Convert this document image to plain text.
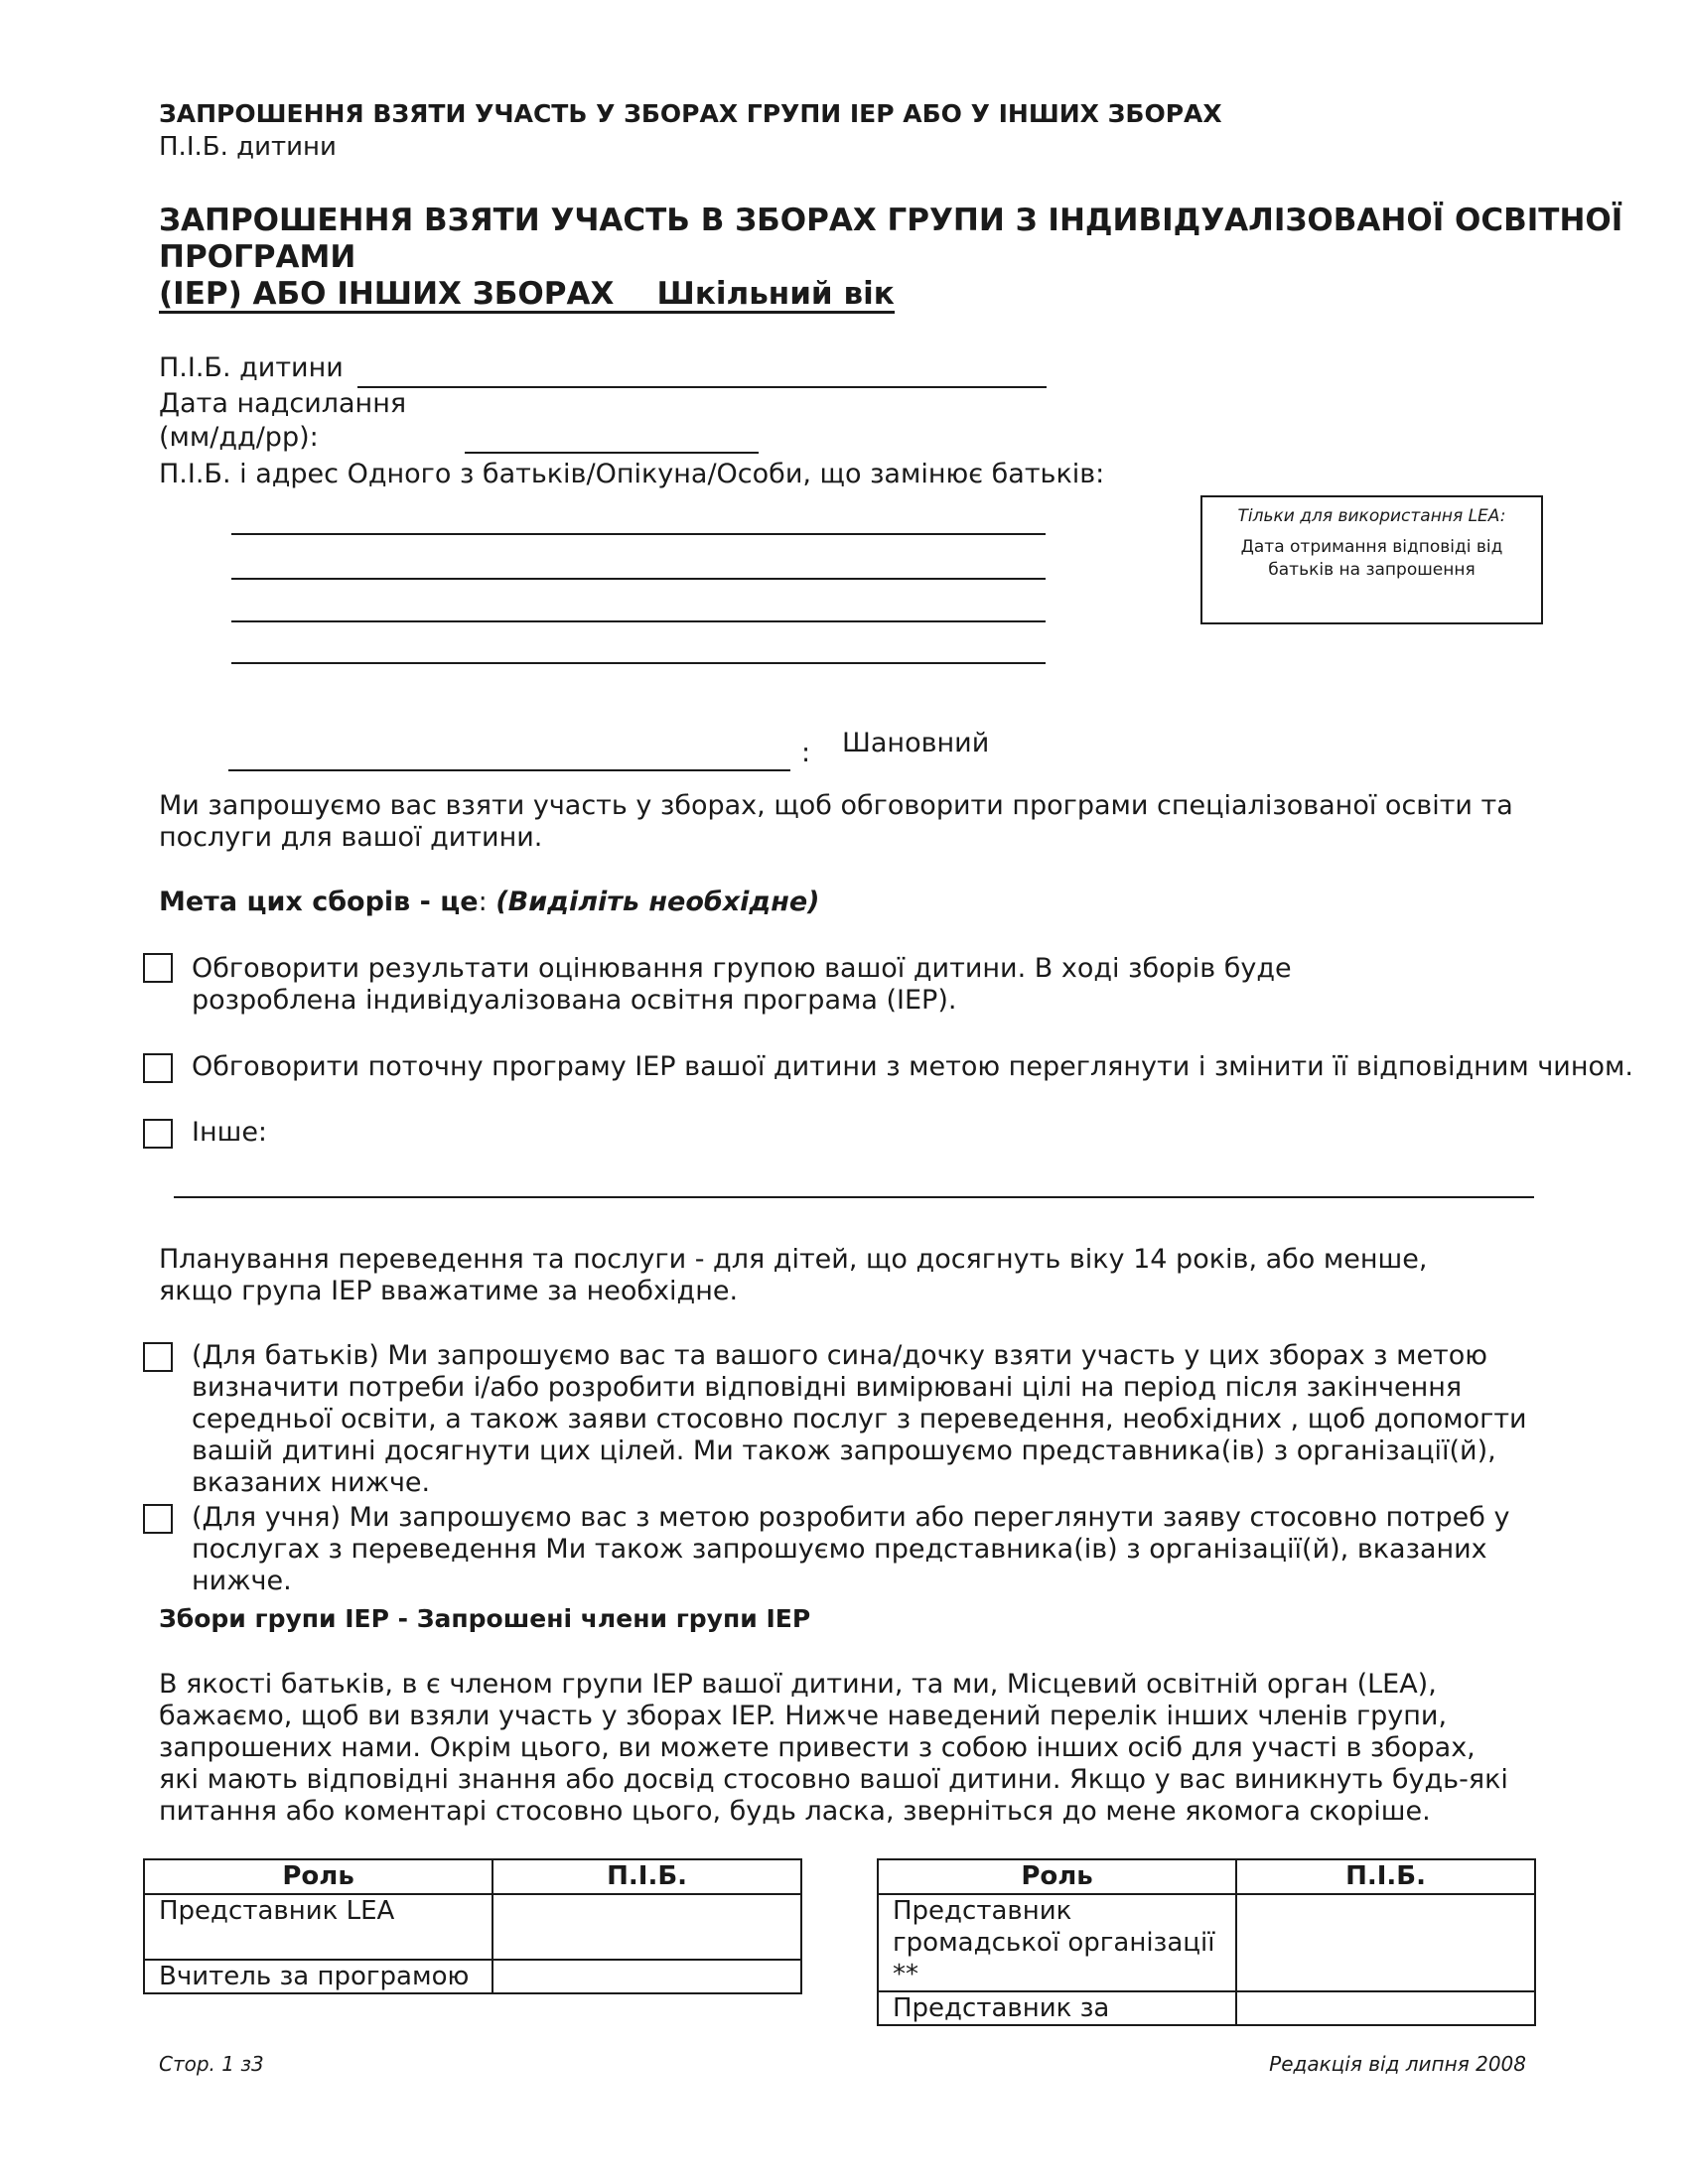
ЗАПРОШЕННЯ ВЗЯТИ УЧАСТЬ У ЗБОРАХ ГРУПИ IEP АБО У ІНШИХ ЗБОРАХ
П.І.Б. дитини
ЗАПРОШЕННЯ ВЗЯТИ УЧАСТЬ В ЗБОРАХ ГРУПИ З ІНДИВІДУАЛІЗОВАНОЇ ОСВІТНОЇ
ПРОГРАМИ
(IEP) АБО ІНШИХ ЗБОРАХ    Шкільний вік
П.І.Б. дитини
Дата надсилання
(мм/дд/рр):
П.І.Б. і адрес Одного з батьків/Опікуна/Особи, що замінює батьків:
Тільки для використання LEA:
Дата отримання відповіді від батьків на запрошення
: Шановний
Ми запрошуємо вас взяти участь у зборах, щоб обговорити програми спеціалізованої освіти та послуги для вашої дитини.
Мета цих сборів - це: (Виділіть необхідне)
Обговорити результати оцінювання групою вашої дитини. В ході зборів буде розроблена індивідуалізована освітня програма (IEP).
Обговорити поточну програму IEP вашої дитини з метою переглянути і змінити її відповідним чином.
Інше:
Планування переведення та послуги - для дітей, що досягнуть віку 14 років, або менше, якщо група IEP вважатиме за необхідне.
(Для батьків) Ми запрошуємо вас та вашого сина/дочку взяти участь у цих зборах з метою визначити потреби і/або розробити відповідні вимірювані цілі на період після закінчення середньої освіти, а також заяви стосовно послуг з переведення, необхідних , щоб допомогти вашій дитині досягнути цих цілей. Ми також запрошуємо представника(ів) з організації(й), вказаних нижче.
(Для учня) Ми запрошуємо вас з метою розробити або переглянути заяву стосовно потреб у послугах з переведення Ми також запрошуємо представника(ів) з організації(й), вказаних нижче.
Збори групи IEP - Запрошені члени групи IEP
В якості батьків, в є членом групи IEP вашої дитини, та ми, Місцевий освітній орган (LEA), бажаємо, щоб ви взяли участь у зборах IEP. Нижче наведений перелік інших членів групи, запрошених нами. Окрім цього, ви можете привести з собою інших осіб для участі в зборах, які мають відповідні знання або досвід стосовно вашої дитини. Якщо у вас виникнуть будь-які питання або коментарі стосовно цього, будь ласка, зверніться до мене якомога скоріше.
Роль	П.І.Б.
Представник LEA	
Вчитель за програмою	
Роль	П.І.Б.
Представник громадської організації **	
Представник за	
Стор. 1 з3	Редакція від липня 2008
